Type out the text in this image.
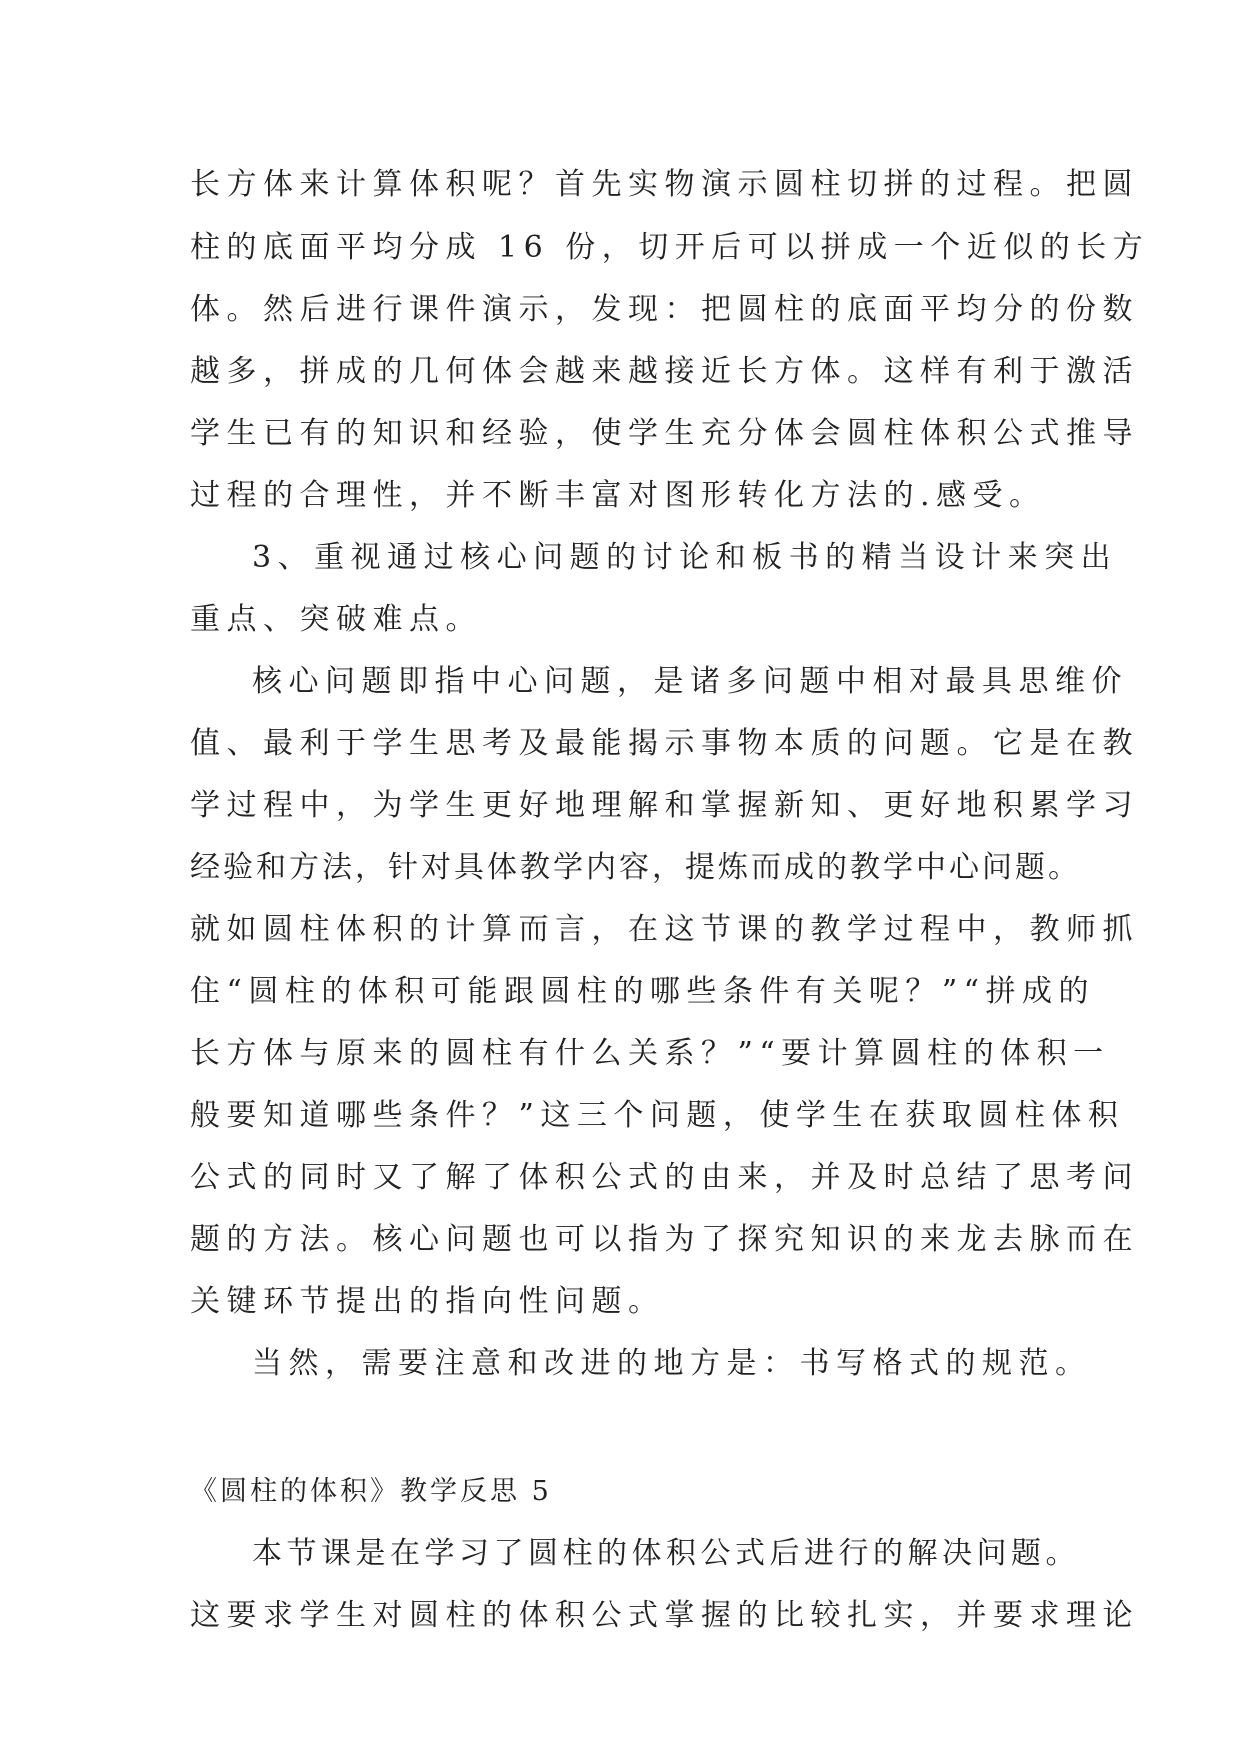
长方体来计算体积呢？首先实物演示圆柱切拼的过程。把圆
柱的底面平均分成 16 份，切开后可以拼成一个近似的长方
体。然后进行课件演示，发现：把圆柱的底面平均分的份数
越多，拼成的几何体会越来越接近长方体。这样有利于激活
学生已有的知识和经验，使学生充分体会圆柱体积公式推导
过程的合理性，并不断丰富对图形转化方法的.感受。
3、重视通过核心问题的讨论和板书的精当设计来突出
重点、突破难点。
核心问题即指中心问题，是诸多问题中相对最具思维价
值、最利于学生思考及最能揭示事物本质的问题。它是在教
学过程中，为学生更好地理解和掌握新知、更好地积累学习
经验和方法，针对具体教学内容，提炼而成的教学中心问题。
就如圆柱体积的计算而言，在这节课的教学过程中，教师抓
住“圆柱的体积可能跟圆柱的哪些条件有关呢？”“拼成的
长方体与原来的圆柱有什么关系？”“要计算圆柱的体积一
般要知道哪些条件？”这三个问题，使学生在获取圆柱体积
公式的同时又了解了体积公式的由来，并及时总结了思考问
题的方法。核心问题也可以指为了探究知识的来龙去脉而在
关键环节提出的指向性问题。
当然，需要注意和改进的地方是：书写格式的规范。
《圆柱的体积》教学反思 5
本节课是在学习了圆柱的体积公式后进行的解决问题。
这要求学生对圆柱的体积公式掌握的比较扎实，并要求理论
